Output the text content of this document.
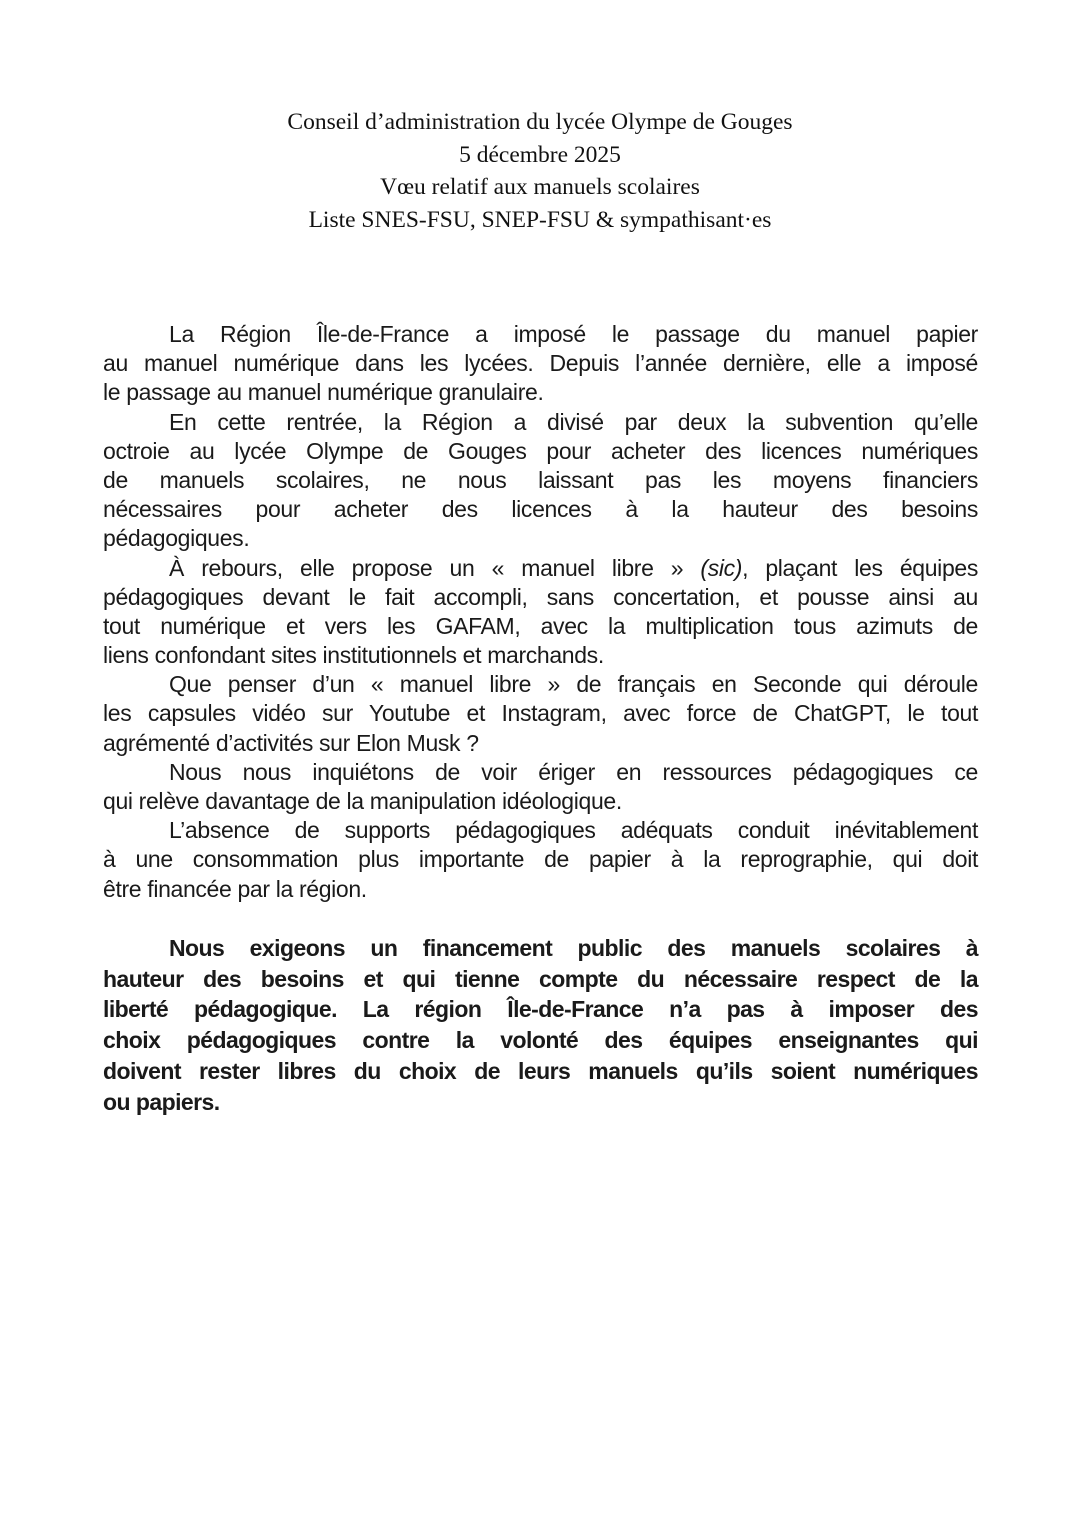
Conseil d’administration du lycée Olympe de Gouges
5 décembre 2025
Vœu relatif aux manuels scolaires
Liste SNES-FSU, SNEP-FSU & sympathisant·es
La Région Île-de-France a imposé le passage du manuel papier
au manuel numérique dans les lycées. Depuis l’année dernière, elle a imposé
le passage au manuel numérique granulaire.
En cette rentrée, la Région a divisé par deux la subvention qu’elle
octroie au lycée Olympe de Gouges pour acheter des licences numériques
de manuels scolaires, ne nous laissant pas les moyens financiers
nécessaires pour acheter des licences à la hauteur des besoins
pédagogiques.
À rebours, elle propose un « manuel libre » (sic), plaçant les équipes
pédagogiques devant le fait accompli, sans concertation, et pousse ainsi au
tout numérique et vers les GAFAM, avec la multiplication tous azimuts de
liens confondant sites institutionnels et marchands.
Que penser d’un « manuel libre » de français en Seconde qui déroule
les capsules vidéo sur Youtube et Instagram, avec force de ChatGPT, le tout
agrémenté d’activités sur Elon Musk ?
Nous nous inquiétons de voir ériger en ressources pédagogiques ce
qui relève davantage de la manipulation idéologique.
L’absence de supports pédagogiques adéquats conduit inévitablement
à une consommation plus importante de papier à la reprographie, qui doit
être financée par la région.
Nous exigeons un financement public des manuels scolaires à
hauteur des besoins et qui tienne compte du nécessaire respect de la
liberté pédagogique. La région Île-de-France n’a pas à imposer des
choix pédagogiques contre la volonté des équipes enseignantes qui
doivent rester libres du choix de leurs manuels qu’ils soient numériques
ou papiers.
